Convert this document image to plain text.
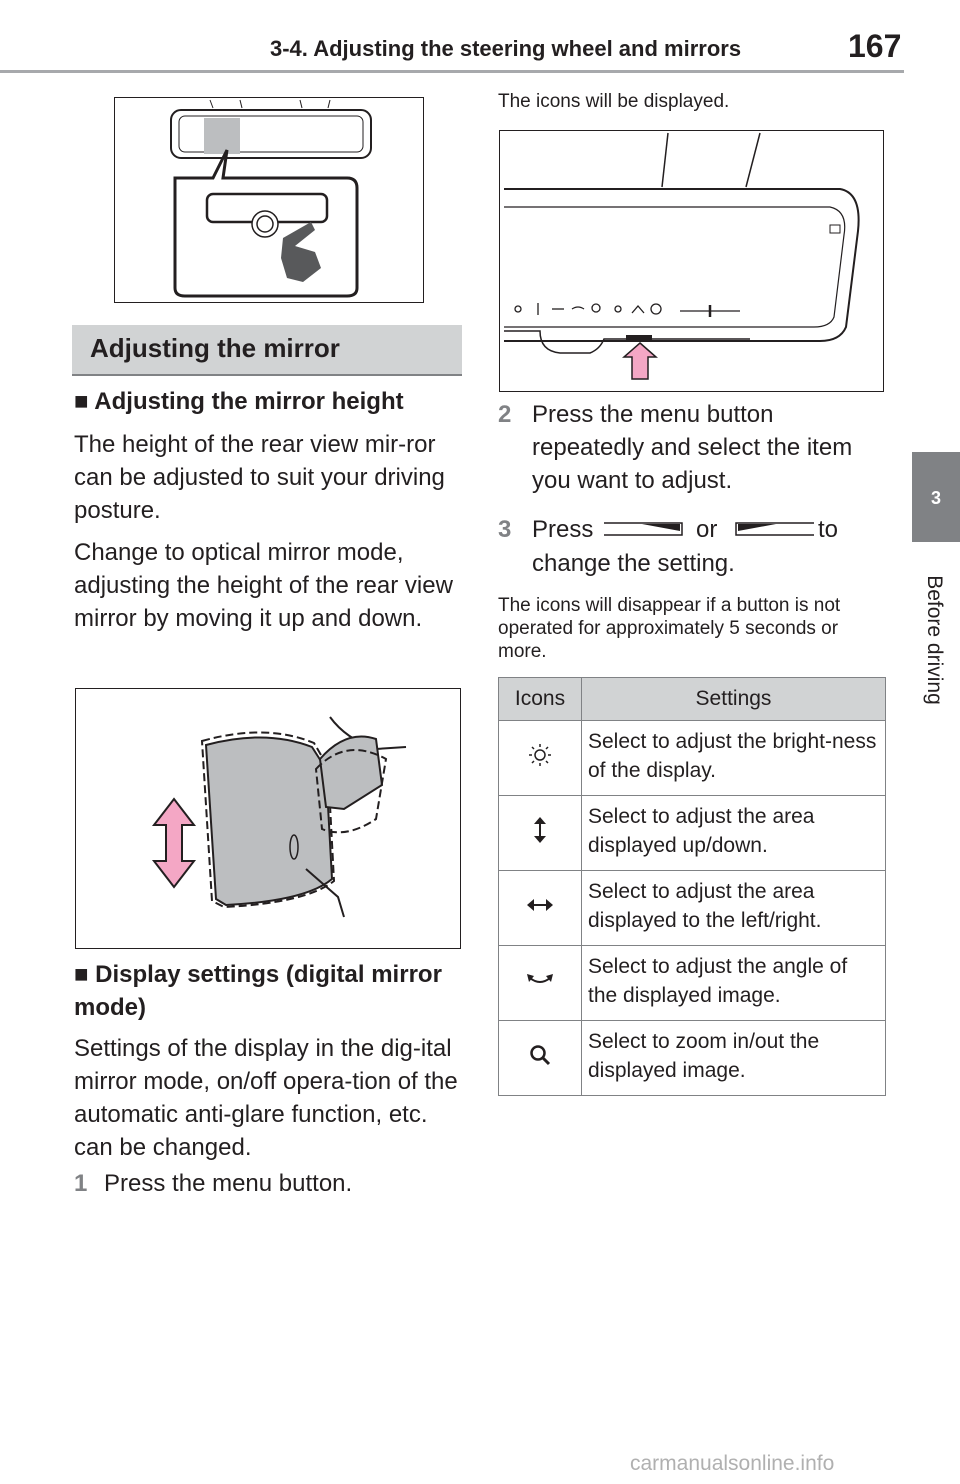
3-4. Adjusting the steering wheel and mirrors	167
3
Before driving
Adjusting the mirror
■ Adjusting the mirror height
The height of the rear view mir-ror can be adjusted to suit your driving posture.
Change to optical mirror mode, adjusting the height of the rear view mirror by moving it up and down.
■ Display settings (digital mirror mode)
Settings of the display in the dig-ital mirror mode, on/off opera-tion of the automatic anti-glare function, etc. can be changed.
1 Press the menu button.
The icons will be displayed.
2 Press the menu button repeatedly and select the item you want to adjust.
3 Press	or	to
change the setting.
The icons will disappear if a button is not operated for approximately 5 seconds or more.
Icons	Settings
	Select to adjust the bright-ness of the display.
	Select to adjust the area displayed up/down.
	Select to adjust the area displayed to the left/right.
	Select to adjust the angle of the displayed image.
	Select to zoom in/out the displayed image.
carmanualsonline.info
